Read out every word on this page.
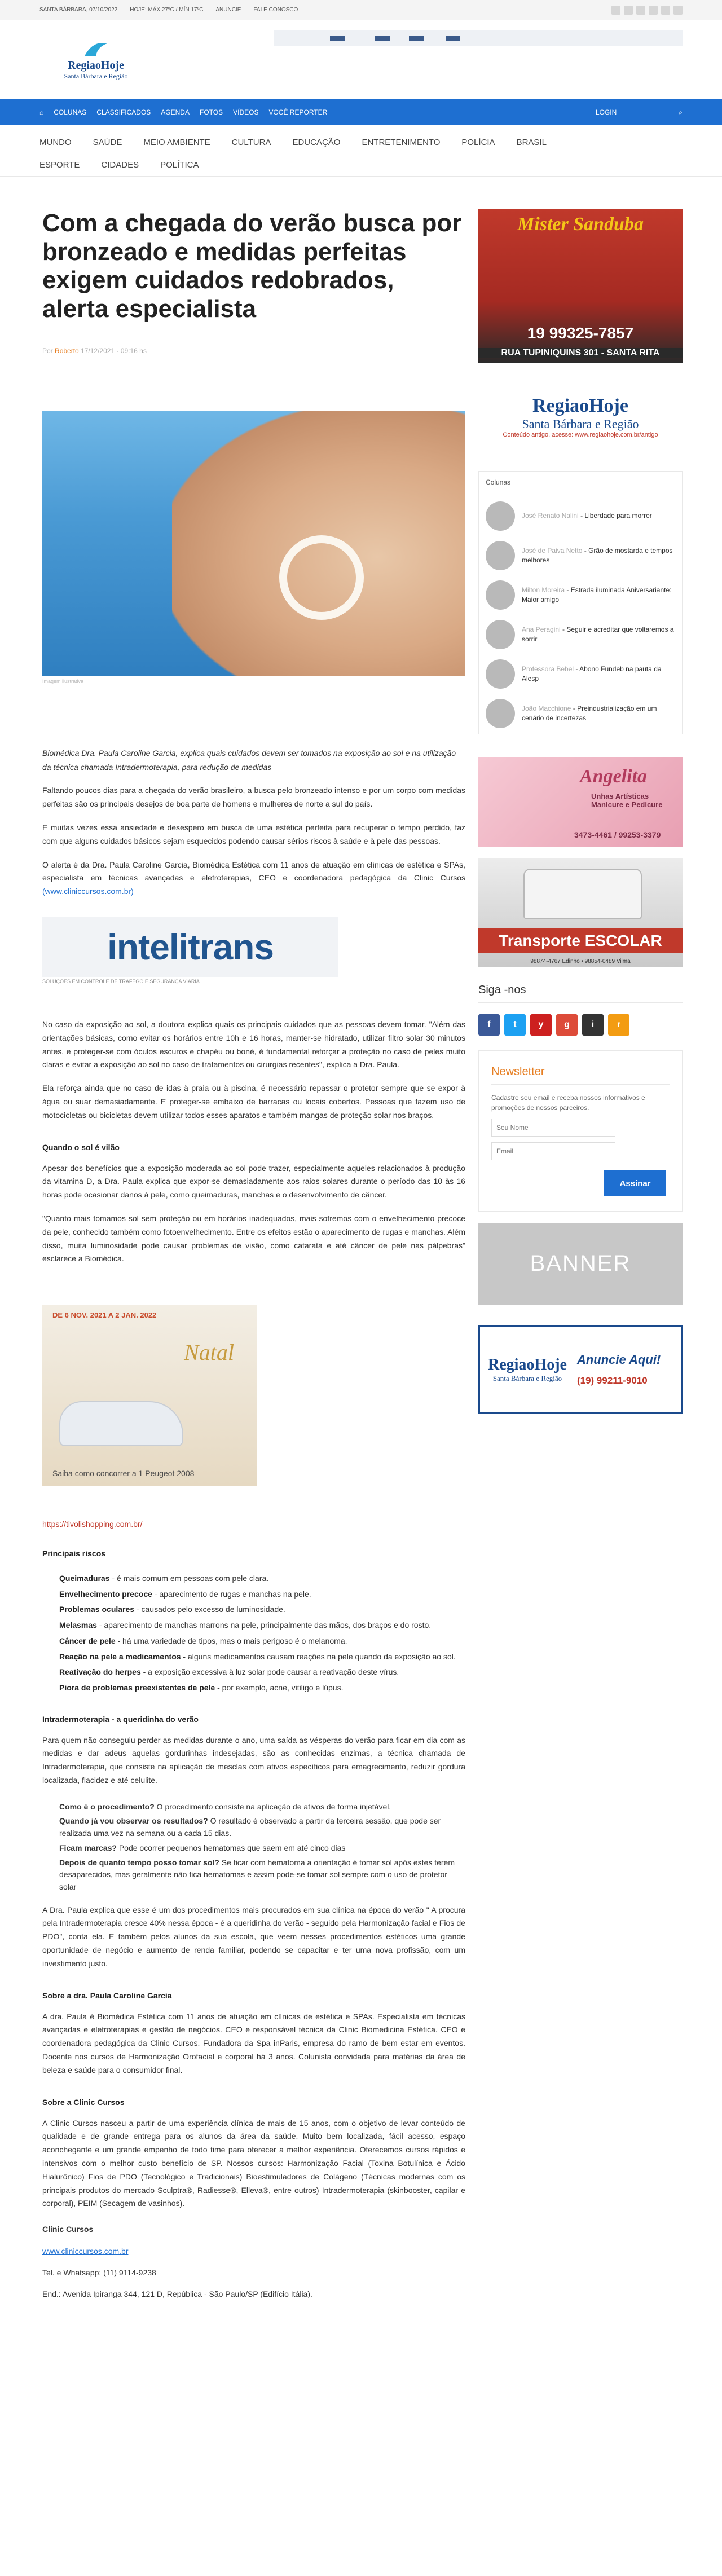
SANTA BÁRBARA, 07/10/2022 HOJE: MÁX 27ºC / MÍN 17ºC ANUNCIE FALE CONOSCO
RegiaoHoje
Santa Bárbara e Região
⌂ COLUNAS CLASSIFICADOS AGENDA FOTOS VÍDEOS VOCÊ REPORTER	LOGIN	⌕
MUNDO	SAÚDE	MEIO AMBIENTE	CULTURA	EDUCAÇÃO	ENTRETENIMENTO	POLÍCIA	BRASIL
ESPORTE	CIDADES	POLÍTICA
Com a chegada do verão busca por bronzeado e medidas perfeitas exigem cuidados redobrados, alerta especialista
Por Roberto 17/12/2021 - 09:16 hs
Imagem ilustrativa

Biomédica Dra. Paula Caroline Garcia, explica quais cuidados devem ser tomados na exposição ao sol e na utilização da técnica chamada Intradermoterapia, para redução de medidas

Faltando poucos dias para a chegada do verão brasileiro, a busca pelo bronzeado intenso e por um corpo com medidas perfeitas são os principais desejos de boa parte de homens e mulheres de norte a sul do país.

E muitas vezes essa ansiedade e desespero em busca de uma estética perfeita para recuperar o tempo perdido, faz com que alguns cuidados básicos sejam esquecidos podendo causar sérios riscos à saúde e à pele das pessoas.

O alerta é da Dra. Paula Caroline Garcia, Biomédica Estética com 11 anos de atuação em clínicas de estética e SPAs, especialista em técnicas avançadas e eletroterapias, CEO e coordenadora pedagógica da Clinic Cursos (www.cliniccursos.com.br)

intelitrans
SOLUÇÕES EM CONTROLE DE TRÁFEGO E SEGURANÇA VIÁRIA

No caso da exposição ao sol, a doutora explica quais os principais cuidados que as pessoas devem tomar. "Além das orientações básicas, como evitar os horários entre 10h e 16 horas, manter-se hidratado, utilizar filtro solar 30 minutos antes, e proteger-se com óculos escuros e chapéu ou boné, é fundamental reforçar a proteção no caso de peles muito claras e evitar a exposição ao sol no caso de tratamentos ou cirurgias recentes", explica a Dra. Paula.

Ela reforça ainda que no caso de idas à praia ou à piscina, é necessário repassar o protetor sempre que se expor à água ou suar demasiadamente. E proteger-se embaixo de barracas ou locais cobertos. Pessoas que fazem uso de motocicletas ou bicicletas devem utilizar todos esses aparatos e também mangas de proteção solar nos braços.

Quando o sol é vilão

Apesar dos benefícios que a exposição moderada ao sol pode trazer, especialmente aqueles relacionados à produção da vitamina D, a Dra. Paula explica que expor-se demasiadamente aos raios solares durante o período das 10 às 16 horas pode ocasionar danos à pele, como queimaduras, manchas e o desenvolvimento de câncer.

"Quanto mais tomamos sol sem proteção ou em horários inadequados, mais sofremos com o envelhecimento precoce da pele, conhecido também como fotoenvelhecimento. Entre os efeitos estão o aparecimento de rugas e manchas. Além disso, muita luminosidade pode causar problemas de visão, como catarata e até câncer de pele nas pálpebras" esclarece a Biomédica.

DE 6 NOV. 2021 A 2 JAN. 2022
Natal
Saiba como concorrer a 1 Peugeot 2008

https://tivolishopping.com.br/

Principais riscos

Queimaduras - é mais comum em pessoas com pele clara.
Envelhecimento precoce - aparecimento de rugas e manchas na pele.
Problemas oculares - causados pelo excesso de luminosidade.
Melasmas - aparecimento de manchas marrons na pele, principalmente das mãos, dos braços e do rosto.
Câncer de pele - há uma variedade de tipos, mas o mais perigoso é o melanoma.
Reação na pele a medicamentos - alguns medicamentos causam reações na pele quando da exposição ao sol.
Reativação do herpes - a exposição excessiva à luz solar pode causar a reativação deste vírus.
Piora de problemas preexistentes de pele - por exemplo, acne, vitiligo e lúpus.

Intradermoterapia - a queridinha do verão

Para quem não conseguiu perder as medidas durante o ano, uma saída as vésperas do verão para ficar em dia com as medidas e dar adeus aquelas gordurinhas indesejadas, são as conhecidas enzimas, a técnica chamada de Intradermoterapia, que consiste na aplicação de mesclas com ativos específicos para emagrecimento, reduzir gordura localizada, flacidez e até celulite.

Como é o procedimento? O procedimento consiste na aplicação de ativos de forma injetável.

Quando já vou observar os resultados? O resultado é observado a partir da terceira sessão, que pode ser realizada uma vez na semana ou a cada 15 dias.

Ficam marcas? Pode ocorrer pequenos hematomas que saem em até cinco dias

Depois de quanto tempo posso tomar sol? Se ficar com hematoma a orientação é tomar sol após estes terem desaparecidos, mas geralmente não fica hematomas e assim pode-se tomar sol sempre com o uso de protetor solar

A Dra. Paula explica que esse é um dos procedimentos mais procurados em sua clínica na época do verão " A procura pela Intradermoterapia cresce 40% nessa época - é a queridinha do verão - seguido pela Harmonização facial e Fios de PDO", conta ela. E também pelos alunos da sua escola, que veem nesses procedimentos estéticos uma grande oportunidade de negócio e aumento de renda familiar, podendo se capacitar e ter uma nova profissão, com um investimento justo.

Sobre a dra. Paula Caroline Garcia

A dra. Paula é Biomédica Estética com 11 anos de atuação em clínicas de estética e SPAs. Especialista em técnicas avançadas e eletroterapias e gestão de negócios. CEO e responsável técnica da Clinic Biomedicina Estética. CEO e coordenadora pedagógica da Clinic Cursos. Fundadora da Spa inParis, empresa do ramo de bem estar em eventos. Docente nos cursos de Harmonização Orofacial e corporal há 3 anos. Colunista convidada para matérias da área de beleza e saúde para o consumidor final.

Sobre a Clinic Cursos

A Clinic Cursos nasceu a partir de uma experiência clínica de mais de 15 anos, com o objetivo de levar conteúdo de qualidade e de grande entrega para os alunos da área da saúde. Muito bem localizada, fácil acesso, espaço aconchegante e um grande empenho de todo time para oferecer a melhor experiência. Oferecemos cursos rápidos e intensivos com o melhor custo benefício de SP. Nossos cursos: Harmonização Facial (Toxina Botulínica e Ácido Hialurônico) Fios de PDO (Tecnológico e Tradicionais) Bioestimuladores de Colágeno (Técnicas modernas com os principais produtos do mercado Sculptra®, Radiesse®, Elleva®, entre outros) Intradermoterapia (skinbooster, capilar e corporal), PEIM (Secagem de vasinhos).

Clinic Cursos
www.cliniccursos.com.br
Tel. e Whatsapp: (11) 9114-9238
End.: Avenida Ipiranga 344, 121 D, República - São Paulo/SP (Edifício Itália).
Mister Sanduba
19 99325-7857
RUA TUPINIQUINS 301 - SANTA RITA
RegiaoHoje
Santa Bárbara e Região
Conteúdo antigo, acesse: www.regiaohoje.com.br/antigo
Colunas
José Renato Nalini - Liberdade para morrer
José de Paiva Netto - Grão de mostarda e tempos melhores
Milton Moreira - Estrada iluminada Aniversariante: Maior amigo
Ana Peragini - Seguir e acreditar que voltaremos a sorrir
Professora Bebel - Abono Fundeb na pauta da Alesp
João Macchione - Preindustrialização em um cenário de incertezas
Angelita
Unhas Artísticas Manicure e Pedicure
3473-4461 / 99253-3379
Transporte ESCOLAR
98874-4767 Edinho • 98854-0489 Vilma
Siga -nos
f	t	y	g	i	r
Newsletter

Cadastre seu email e receba nossos informativos e promoções de nossos parceiros.

Seu Nome
Email Assinar
BANNER
RegiaoHoje
Santa Bárbara e Região
Anuncie Aqui!
(19) 99211-9010
